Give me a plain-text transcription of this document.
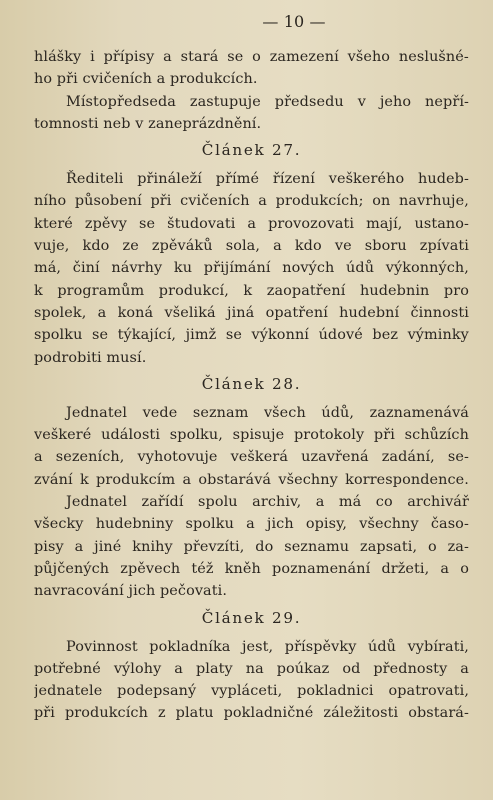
— 10 —
hlášky i přípisy a stará se o zamezení všeho neslušné-
ho při cvičeních a produkcích.
Místopředseda zastupuje předsedu v jeho nepří-
tomnosti neb v zaneprázdnění.
Článek 27.
Řediteli přináleží přímé řízení veškerého hudeb-
ního působení při cvičeních a produkcích; on navrhuje,
které zpěvy se študovati a provozovati mají, ustano-
vuje, kdo ze zpěváků sola, a kdo ve sboru zpívati
má, činí návrhy ku přijímání nových údů výkonných,
k programům produkcí, k zaopatření hudebnin pro
spolek, a koná všeliká jiná opatření hudební činnosti
spolku se týkající, jimž se výkonní údové bez výminky
podrobiti musí.
Článek 28.
Jednatel vede seznam všech údů, zaznamenává
veškeré události spolku, spisuje protokoly při schůzích
a sezeních, vyhotovuje veškerá uzavřená zadání, se-
zvání k produkcím a obstarává všechny korrespondence.
Jednatel zařídí spolu archiv, a má co archivář
všecky hudebniny spolku a jich opisy, všechny časo-
pisy a jiné knihy převzíti, do seznamu zapsati, o za-
půjčených zpěvech též kněh poznamenání držeti, a o
navracování jich pečovati.
Článek 29.
Povinnost pokladníka jest, příspěvky údů vybírati,
potřebné výlohy a platy na poúkaz od přednosty a
jednatele podepsaný vypláceti, pokladnici opatrovati,
při produkcích z platu pokladničné záležitosti obstará-
